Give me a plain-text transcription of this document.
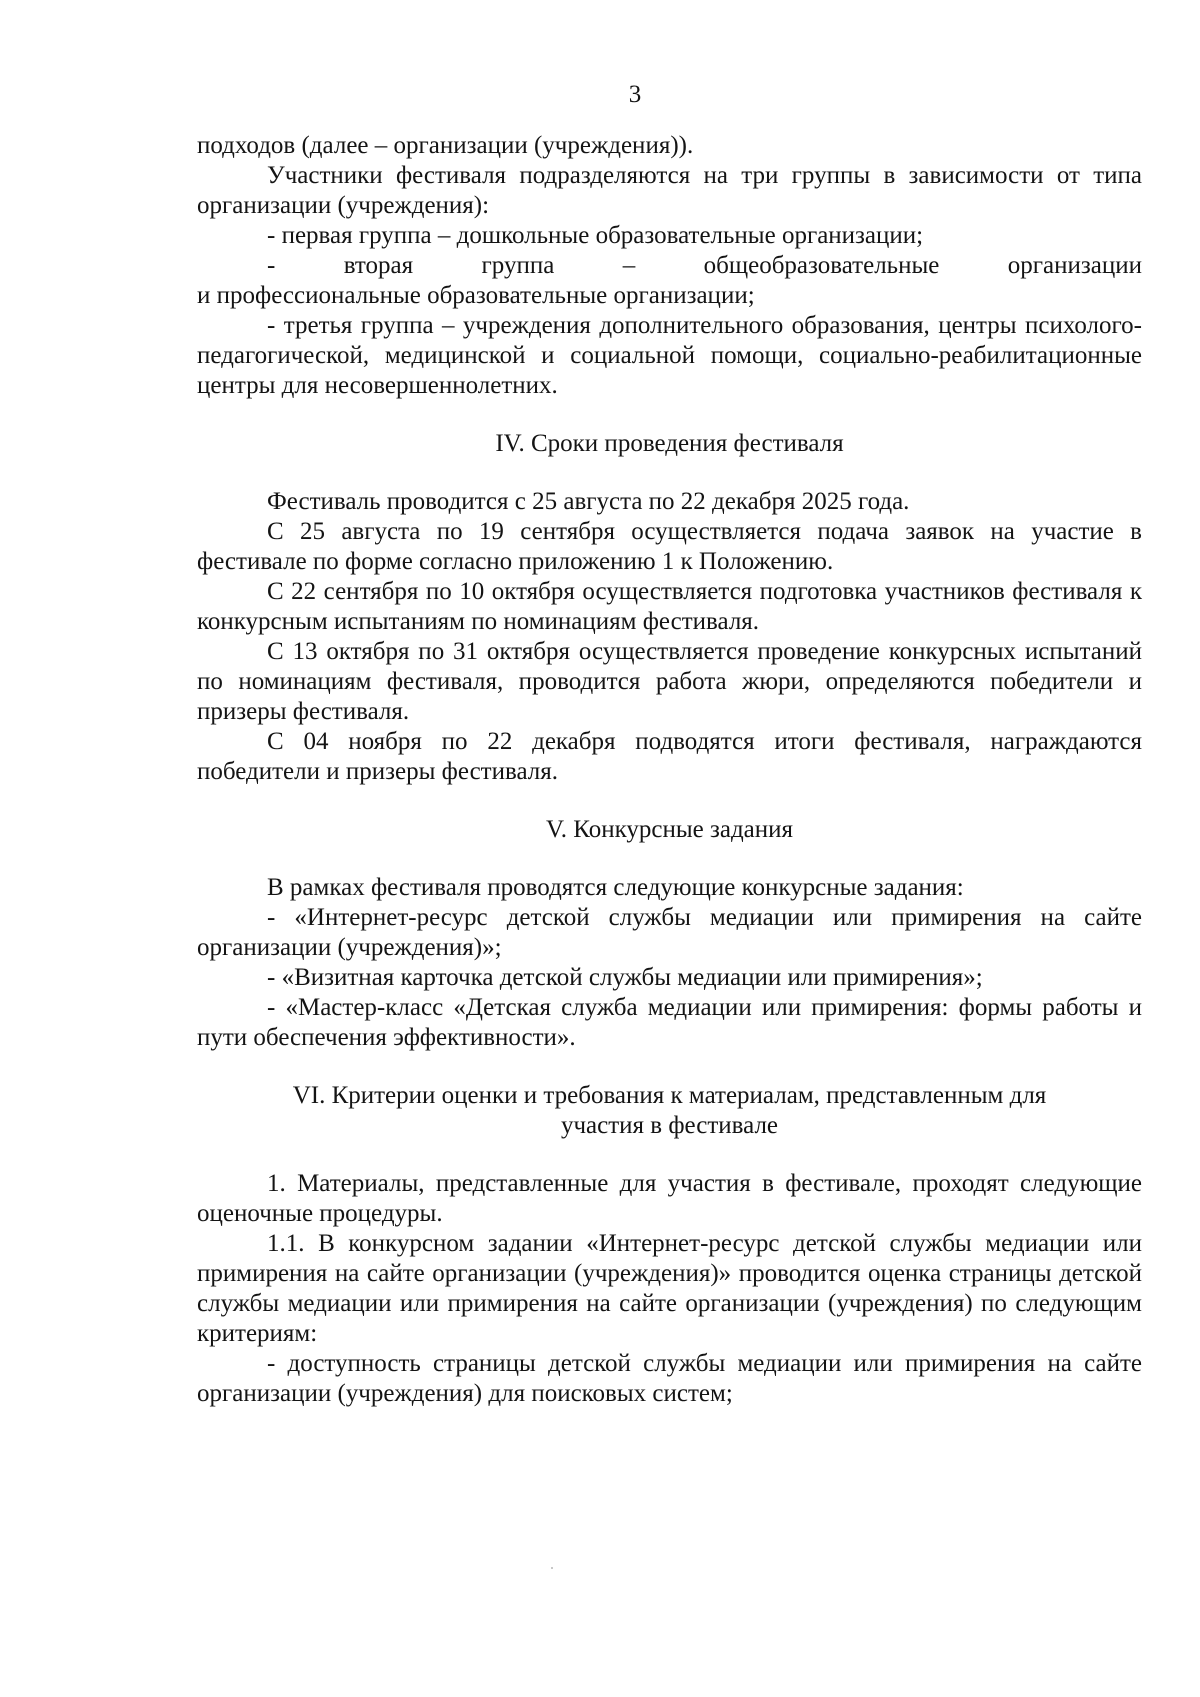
3

подходов (далее – организации (учреждения)).

Участники фестиваля подразделяются на три группы в зависимости от типа организации (учреждения):

- первая группа – дошкольные образовательные организации;

- вторая группа – общеобразовательные организации

и профессиональные образовательные организации;

- третья группа – учреждения дополнительного образования, центры психолого-педагогической, медицинской и социальной помощи, социально-реабилитационные центры для несовершеннолетних.

IV. Сроки проведения фестиваля

Фестиваль проводится с 25 августа по 22 декабря 2025 года.

С 25 августа по 19 сентября осуществляется подача заявок на участие в фестивале по форме согласно приложению 1 к Положению.

С 22 сентября по 10 октября осуществляется подготовка участников фестиваля к конкурсным испытаниям по номинациям фестиваля.

С 13 октября по 31 октября осуществляется проведение конкурсных испытаний по номинациям фестиваля, проводится работа жюри, определяются победители и призеры фестиваля.

С 04 ноября по 22 декабря подводятся итоги фестиваля, награждаются победители и призеры фестиваля.

V. Конкурсные задания

В рамках фестиваля проводятся следующие конкурсные задания:

- «Интернет-ресурс детской службы медиации или примирения на сайте организации (учреждения)»;

- «Визитная карточка детской службы медиации или примирения»;

- «Мастер-класс «Детская служба медиации или примирения: формы работы и пути обеспечения эффективности».

VI. Критерии оценки и требования к материалам, представленным для
участия в фестивале

1. Материалы, представленные для участия в фестивале, проходят следующие оценочные процедуры.

1.1. В конкурсном задании «Интернет-ресурс детской службы медиации или примирения на сайте организации (учреждения)» проводится оценка страницы детской службы медиации или примирения на сайте организации (учреждения) по следующим критериям:

- доступность страницы детской службы медиации или примирения на сайте организации (учреждения) для поисковых систем;
